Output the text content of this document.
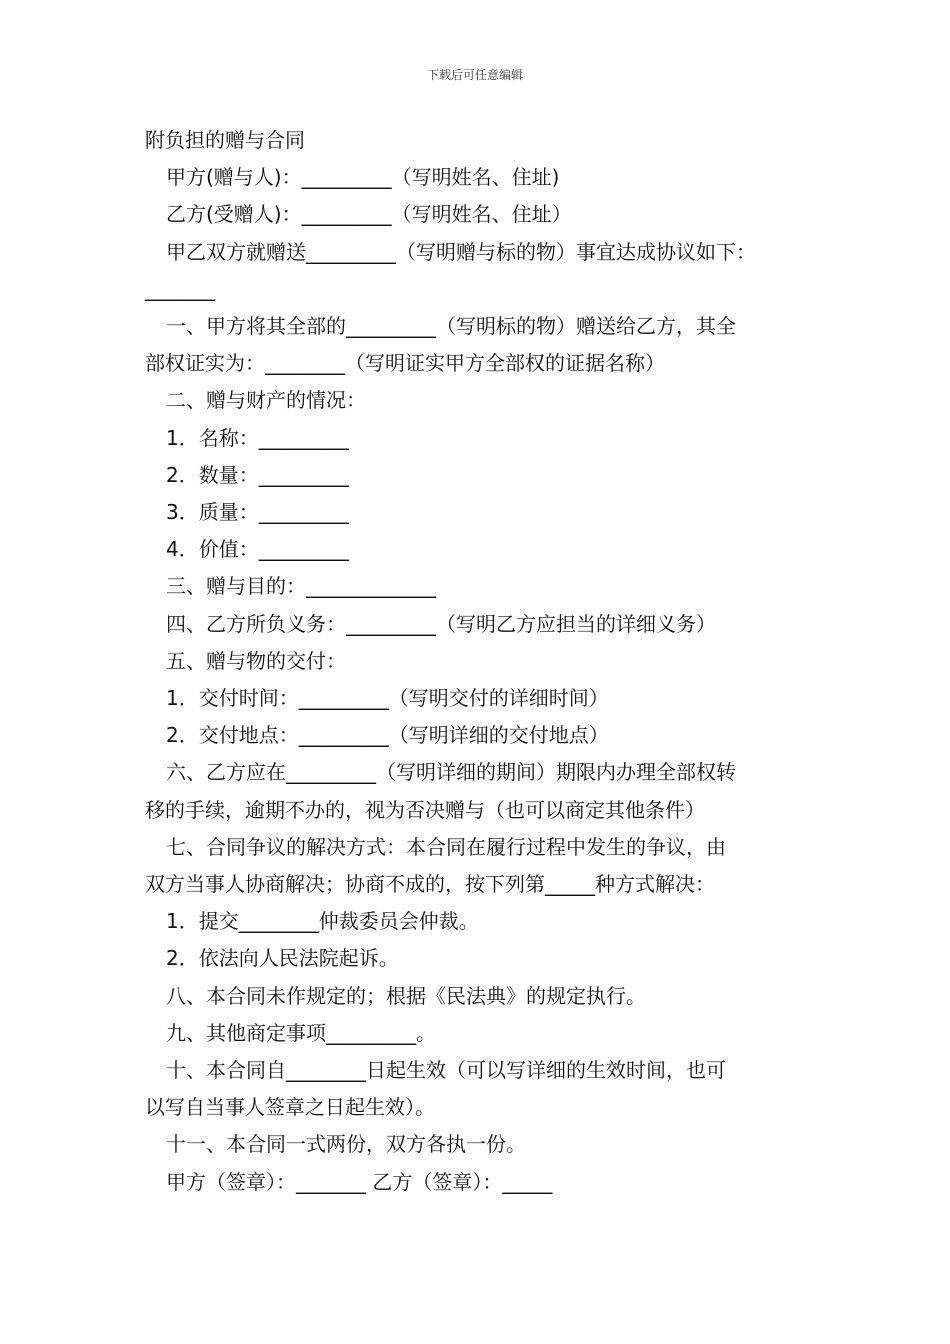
下载后可任意编辑
附负担的赠与合同
甲方(赠与人)：_________（写明姓名、住址)
乙方(受赠人)：_________（写明姓名、住址）
甲乙双方就赠送_________（写明赠与标的物）事宜达成协议如下：
_______
一、甲方将其全部的_________（写明标的物）赠送给乙方，其全
部权证实为：________（写明证实甲方全部权的证据名称）
二、赠与财产的情况：
1．名称：_________
2．数量：_________
3．质量：_________
4．价值：_________
三、赠与目的：_____________
四、乙方所负义务：_________（写明乙方应担当的详细义务）
五、赠与物的交付：
1．交付时间：_________（写明交付的详细时间）
2．交付地点：_________（写明详细的交付地点）
六、乙方应在_________（写明详细的期间）期限内办理全部权转
移的手续，逾期不办的，视为否决赠与（也可以商定其他条件）
七、合同争议的解决方式：本合同在履行过程中发生的争议，由
双方当事人协商解决；协商不成的，按下列第_____种方式解决：
1．提交________仲裁委员会仲裁。
2．依法向人民法院起诉。
八、本合同未作规定的；根据《民法典》的规定执行。
九、其他商定事项_________。
十、本合同自________日起生效（可以写详细的生效时间，也可
以写自当事人签章之日起生效）。
十一、本合同一式两份，双方各执一份。
甲方（签章）：_______ 乙方（签章）：_____
